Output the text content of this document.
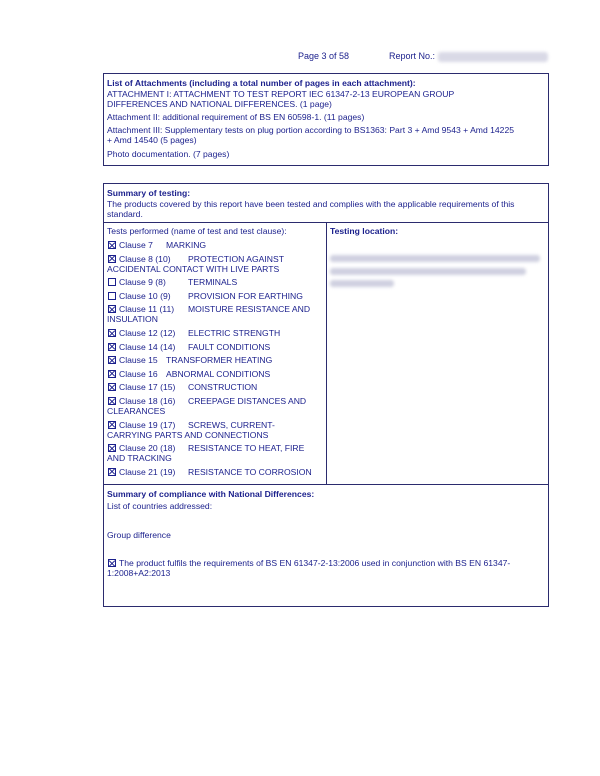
Page 3 of 58	Report No.:
List of Attachments (including a total number of pages in each attachment):
ATTACHMENT I: ATTACHMENT TO TEST REPORT IEC 61347-2-13 EUROPEAN GROUP
DIFFERENCES AND NATIONAL DIFFERENCES. (1 page)
Attachment II: additional requirement of BS EN 60598-1. (11 pages)
Attachment III: Supplementary tests on plug portion according to BS1363: Part 3 + Amd 9543 + Amd 14225
+ Amd 14540 (5 pages)
Photo documentation. (7 pages)
Summary of testing:
The products covered by this report have been tested and complies with the applicable requirements of this
standard.
Tests performed (name of test and test clause):	Testing location:
Clause 7 MARKING
Clause 8 (10) PROTECTION AGAINST
ACCIDENTAL CONTACT WITH LIVE PARTS
Clause 9 (8)	TERMINALS
Clause 10 (9) PROVISION FOR EARTHING
Clause 11 (11) MOISTURE RESISTANCE AND
INSULATION
Clause 12 (12) ELECTRIC STRENGTH
Clause 14 (14) FAULT CONDITIONS
Clause 15 TRANSFORMER HEATING
Clause 16 ABNORMAL CONDITIONS
Clause 17 (15) CONSTRUCTION
Clause 18 (16) CREEPAGE DISTANCES AND
CLEARANCES
Clause 19 (17) SCREWS, CURRENT-
CARRYING PARTS AND CONNECTIONS
Clause 20 (18) RESISTANCE TO HEAT, FIRE
AND TRACKING
Clause 21 (19) RESISTANCE TO CORROSION
Summary of compliance with National Differences:
List of countries addressed:
Group difference
The product fulfils the requirements of BS EN 61347-2-13:2006 used in conjunction with BS EN 61347-
1:2008+A2:2013
